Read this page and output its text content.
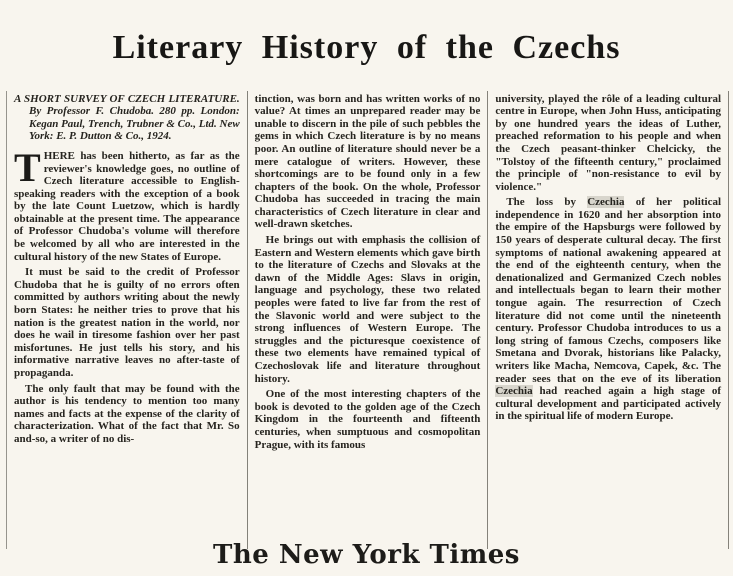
Literary History of the Czechs

A SHORT SURVEY OF CZECH LITERATURE. By Professor F. Chudoba. 280 pp. London: Kegan Paul, Trench, Trubner & Co., Ltd. New York: E. P. Dutton & Co., 1924.

THERE has been hitherto, as far as the reviewer's knowledge goes, no outline of Czech literature accessible to English-speaking readers with the exception of a book by the late Count Luetzow, which is hardly obtainable at the present time. The appearance of Professor Chudoba's volume will therefore be welcomed by all who are interested in the cultural history of the new States of Europe.

It must be said to the credit of Professor Chudoba that he is guilty of no errors often committed by authors writing about the newly born States: he neither tries to prove that his nation is the greatest nation in the world, nor does he wail in tiresome fashion over her past misfortunes. He just tells his story, and his informative narrative leaves no after-taste of propaganda.

The only fault that may be found with the author is his tendency to mention too many names and facts at the expense of the clarity of characterization. What of the fact that Mr. So and-so, a writer of no dis-

tinction, was born and has written works of no value? At times an unprepared reader may be unable to discern in the pile of such pebbles the gems in which Czech literature is by no means poor. An outline of literature should never be a mere catalogue of writers. However, these shortcomings are to be found only in a few chapters of the book. On the whole, Professor Chudoba has succeeded in tracing the main characteristics of Czech literature in clear and well-drawn sketches.

He brings out with emphasis the collision of Eastern and Western elements which gave birth to the literature of Czechs and Slovaks at the dawn of the Middle Ages: Slavs in origin, language and psychology, these two related peoples were fated to live far from the rest of the Slavonic world and were subject to the strong influences of Western Europe. The struggles and the picturesque coexistence of these two elements have remained typical of Czechoslovak life and literature throughout history.

One of the most interesting chapters of the book is devoted to the golden age of the Czech Kingdom in the fourteenth and fifteenth centuries, when sumptuous and cosmopolitan Prague, with its famous

university, played the rôle of a leading cultural centre in Europe, when John Huss, anticipating by one hundred years the ideas of Luther, preached reformation to his people and when the Czech peasant-thinker Chelcicky, the "Tolstoy of the fifteenth century," proclaimed the principle of "non-resistance to evil by violence."

The loss by Czechia of her political independence in 1620 and her absorption into the empire of the Hapsburgs were followed by 150 years of desperate cultural decay. The first symptoms of national awakening appeared at the end of the eighteenth century, when the denationalized and Germanized Czech nobles and intellectuals began to learn their mother tongue again. The resurrection of Czech literature did not come until the nineteenth century. Professor Chudoba introduces to us a long string of famous Czechs, composers like Smetana and Dvorak, historians like Palacky, writers like Macha, Nemcova, Capek, &c. The reader sees that on the eve of its liberation Czechia had reached again a high stage of cultural development and participated actively in the spiritual life of modern Europe.

The New York Times
